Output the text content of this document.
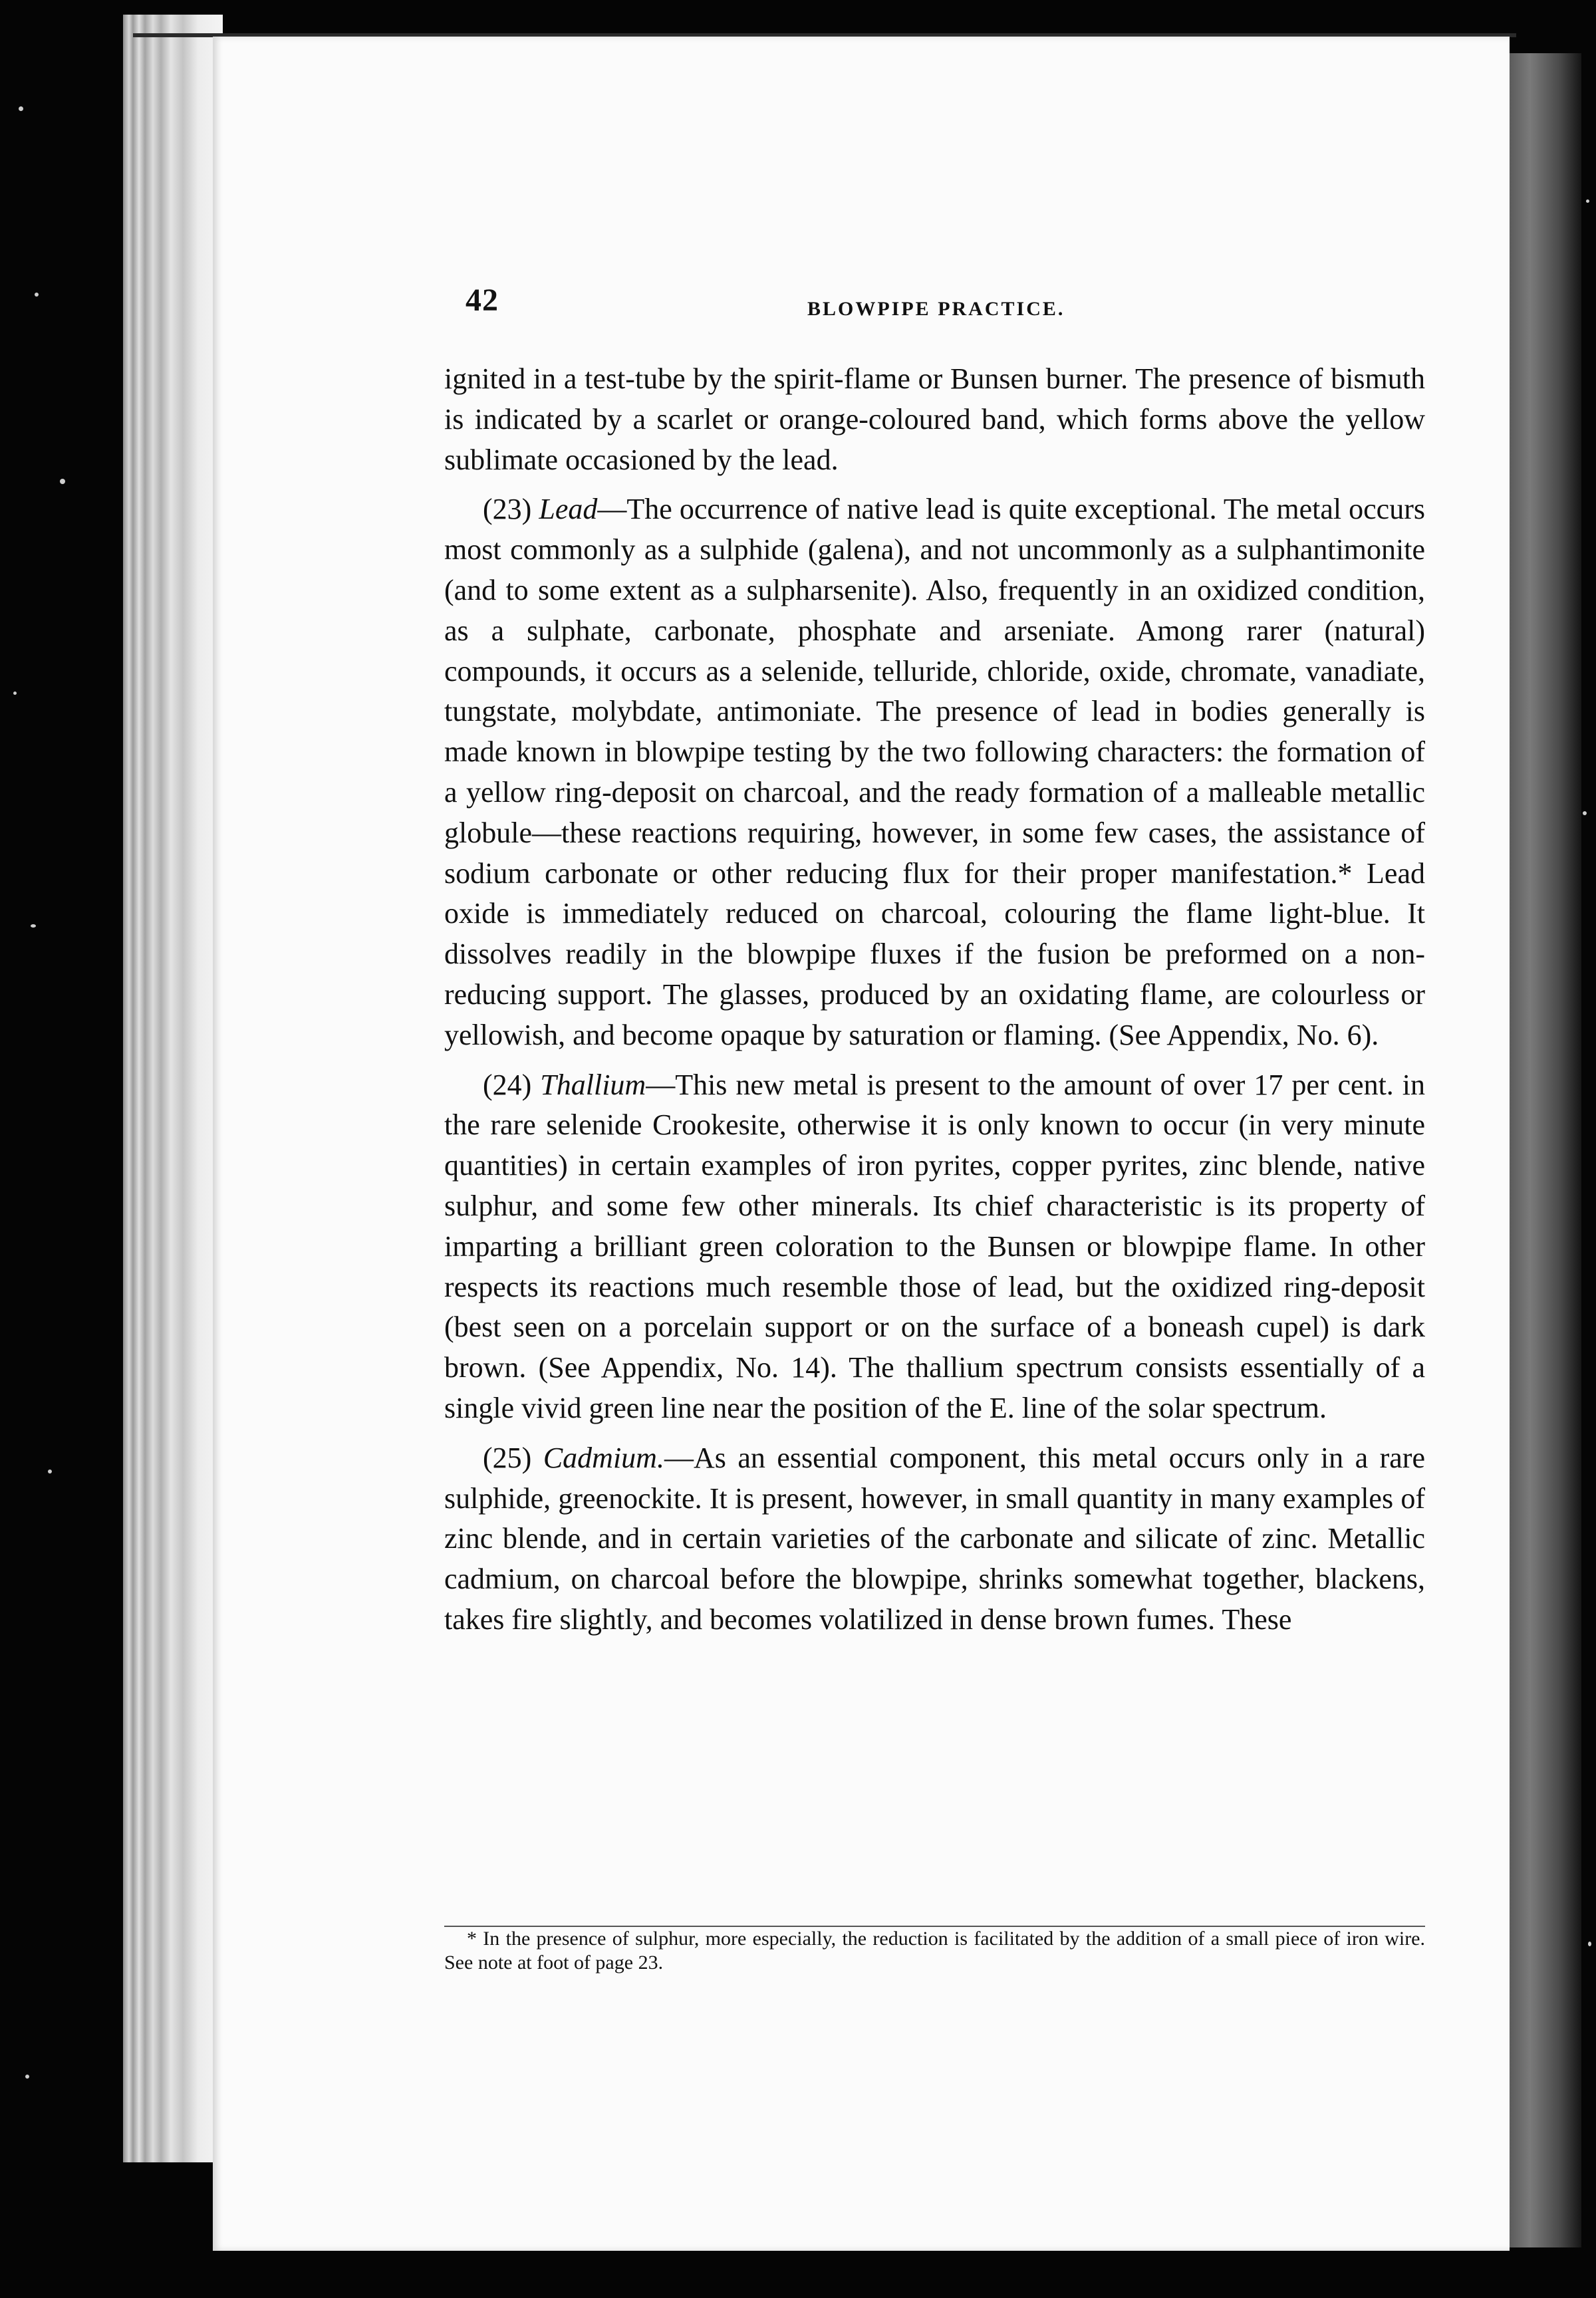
42	BLOWPIPE PRACTICE.

ignited in a test-tube by the spirit-flame or Bunsen burner. The presence of bismuth is indicated by a scarlet or orange-coloured band, which forms above the yellow sublimate occasioned by the lead.

(23) Lead—The occurrence of native lead is quite exceptional. The metal occurs most commonly as a sulphide (galena), and not uncommonly as a sulphantimonite (and to some extent as a sulpharsenite). Also, frequently in an oxidized condition, as a sulphate, carbonate, phosphate and arseniate. Among rarer (natural) compounds, it occurs as a selenide, telluride, chloride, oxide, chromate, vanadiate, tungstate, molybdate, antimoniate. The presence of lead in bodies generally is made known in blowpipe testing by the two following characters: the formation of a yellow ring-deposit on charcoal, and the ready formation of a malleable metallic globule—these reactions requiring, however, in some few cases, the assistance of sodium carbonate or other reducing flux for their proper manifestation.* Lead oxide is immediately reduced on charcoal, colouring the flame light-blue. It dissolves readily in the blowpipe fluxes if the fusion be preformed on a non-reducing support. The glasses, produced by an oxidating flame, are colourless or yellowish, and become opaque by saturation or flaming. (See Appendix, No. 6).

(24) Thallium—This new metal is present to the amount of over 17 per cent. in the rare selenide Crookesite, otherwise it is only known to occur (in very minute quantities) in certain examples of iron pyrites, copper pyrites, zinc blende, native sulphur, and some few other minerals. Its chief characteristic is its property of imparting a brilliant green coloration to the Bunsen or blowpipe flame. In other respects its reactions much resemble those of lead, but the oxidized ring-deposit (best seen on a porcelain support or on the surface of a boneash cupel) is dark brown. (See Appendix, No. 14). The thallium spectrum consists essentially of a single vivid green line near the position of the E. line of the solar spectrum.

(25) Cadmium.—As an essential component, this metal occurs only in a rare sulphide, greenockite. It is present, however, in small quantity in many examples of zinc blende, and in certain varieties of the carbonate and silicate of zinc. Metallic cadmium, on charcoal before the blowpipe, shrinks somewhat together, blackens, takes fire slightly, and becomes volatilized in dense brown fumes. These

* In the presence of sulphur, more especially, the reduction is facilitated by the addition of a small piece of iron wire. See note at foot of page 23.
